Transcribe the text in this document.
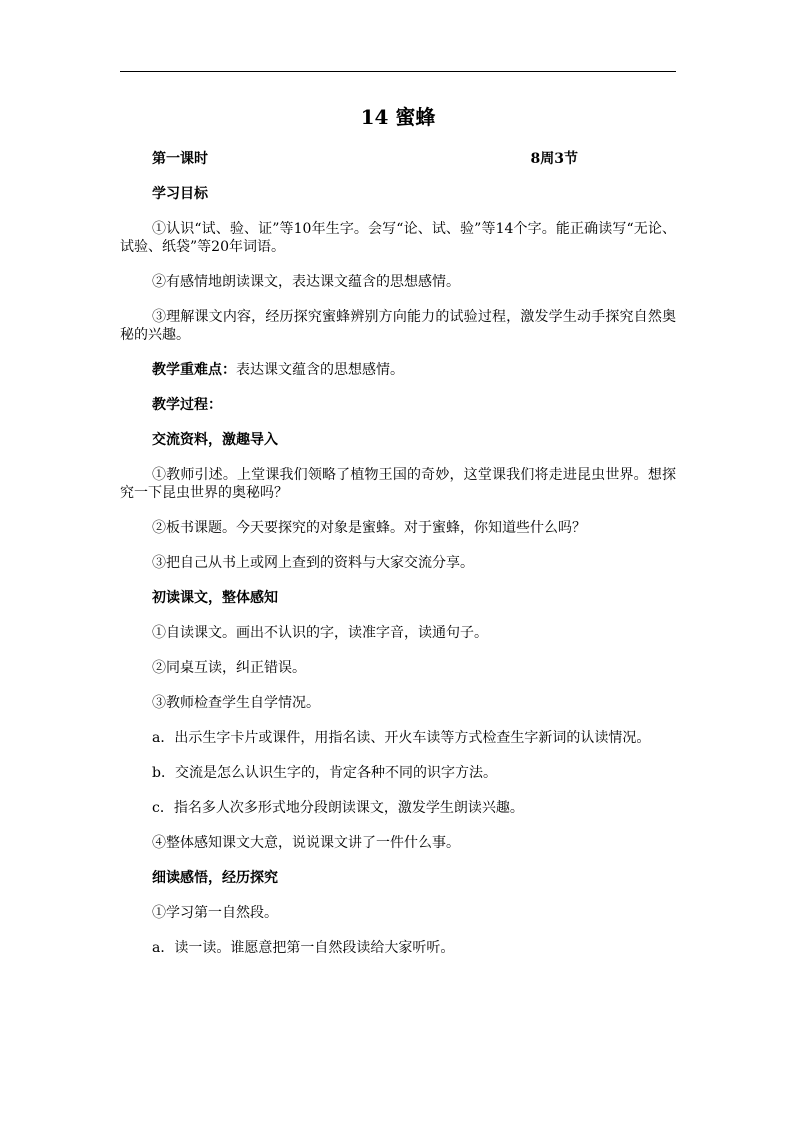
14 蜜蜂
第一课时	8周3节

学习目标

①认识“试、验、证”等10年生字。会写“论、试、验”等14个字。能正确读写“无论、试验、纸袋”等20年词语。

②有感情地朗读课文，表达课文蕴含的思想感情。

③理解课文内容，经历探究蜜蜂辨别方向能力的试验过程，激发学生动手探究自然奥秘的兴趣。

教学重难点：表达课文蕴含的思想感情。

教学过程：

交流资料，激趣导入

①教师引述。上堂课我们领略了植物王国的奇妙，这堂课我们将走进昆虫世界。想探究一下昆虫世界的奥秘吗？

②板书课题。今天要探究的对象是蜜蜂。对于蜜蜂，你知道些什么吗？

③把自己从书上或网上查到的资料与大家交流分享。

初读课文，整体感知

①自读课文。画出不认识的字，读准字音，读通句子。

②同桌互读，纠正错误。

③教师检查学生自学情况。

a．出示生字卡片或课件，用指名读、开火车读等方式检查生字新词的认读情况。

b．交流是怎么认识生字的，肯定各种不同的识字方法。

c．指名多人次多形式地分段朗读课文，激发学生朗读兴趣。

④整体感知课文大意，说说课文讲了一件什么事。

细读感悟，经历探究

①学习第一自然段。

a．读一读。谁愿意把第一自然段读给大家听听。
